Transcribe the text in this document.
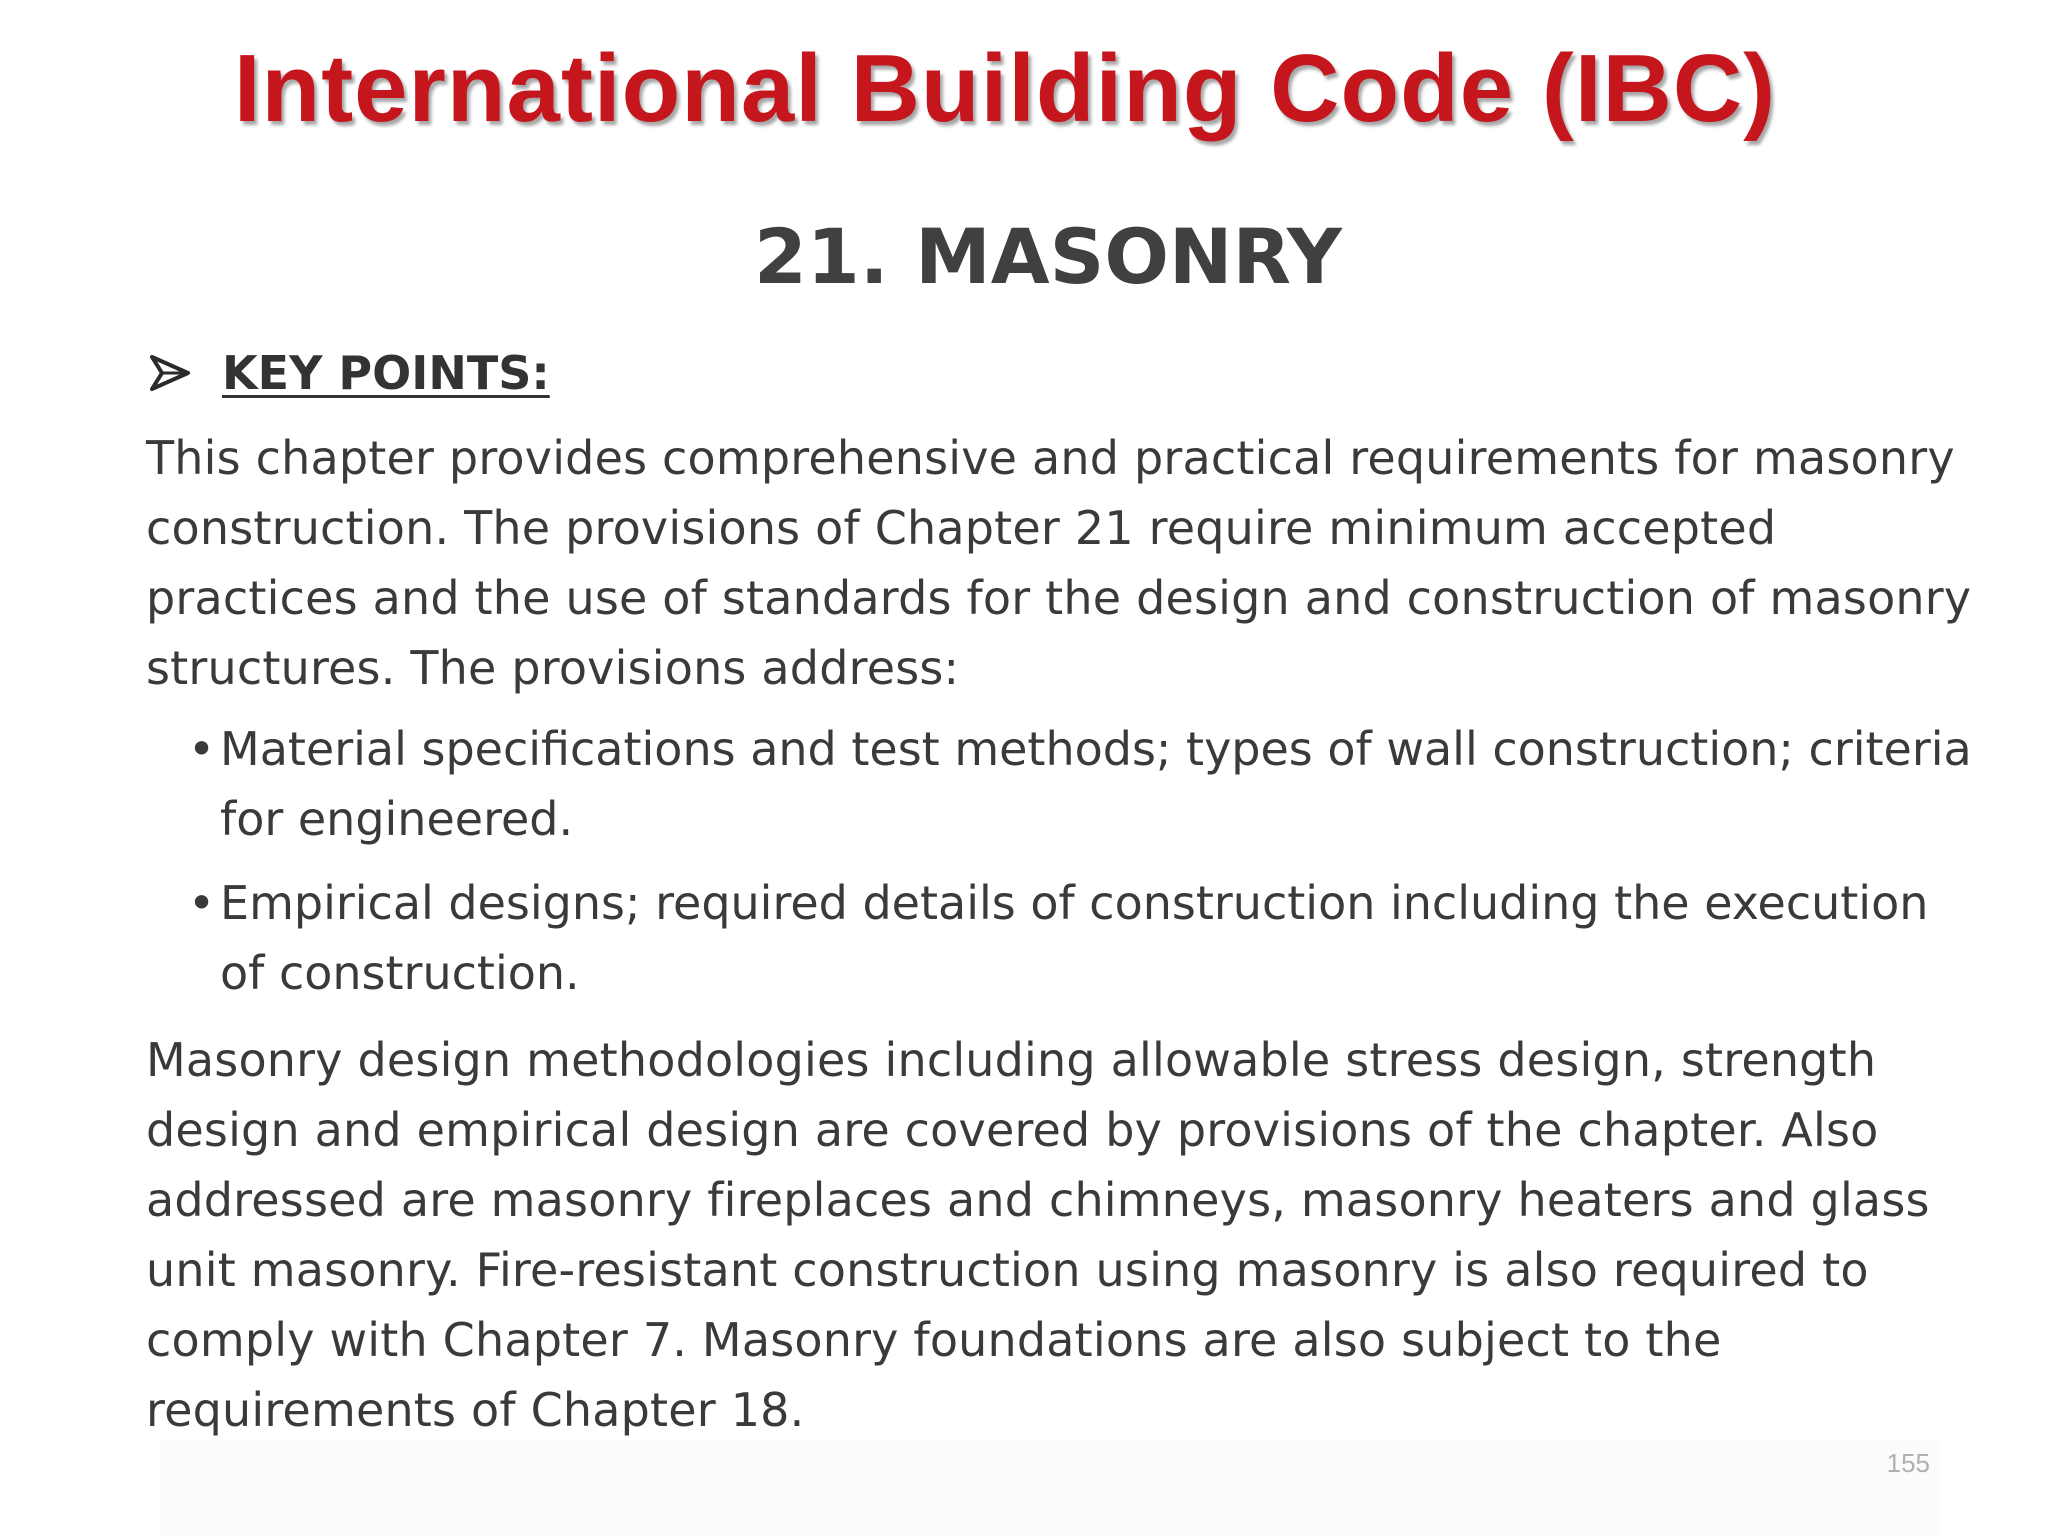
International Building Code (IBC)
21. MASONRY
KEY POINTS:
This chapter provides comprehensive and practical requirements for masonry construction. The provisions of Chapter 21 require minimum accepted practices and the use of standards for the design and construction of masonry structures. The provisions address:
• Material specifications and test methods; types of wall construction; criteria for engineered.
• Empirical designs; required details of construction including the execution of construction.
Masonry design methodologies including allowable stress design, strength design and empirical design are covered by provisions of the chapter. Also addressed are masonry fireplaces and chimneys, masonry heaters and glass unit masonry. Fire-resistant construction using masonry is also required to comply with Chapter 7. Masonry foundations are also subject to the requirements of Chapter 18.
155
